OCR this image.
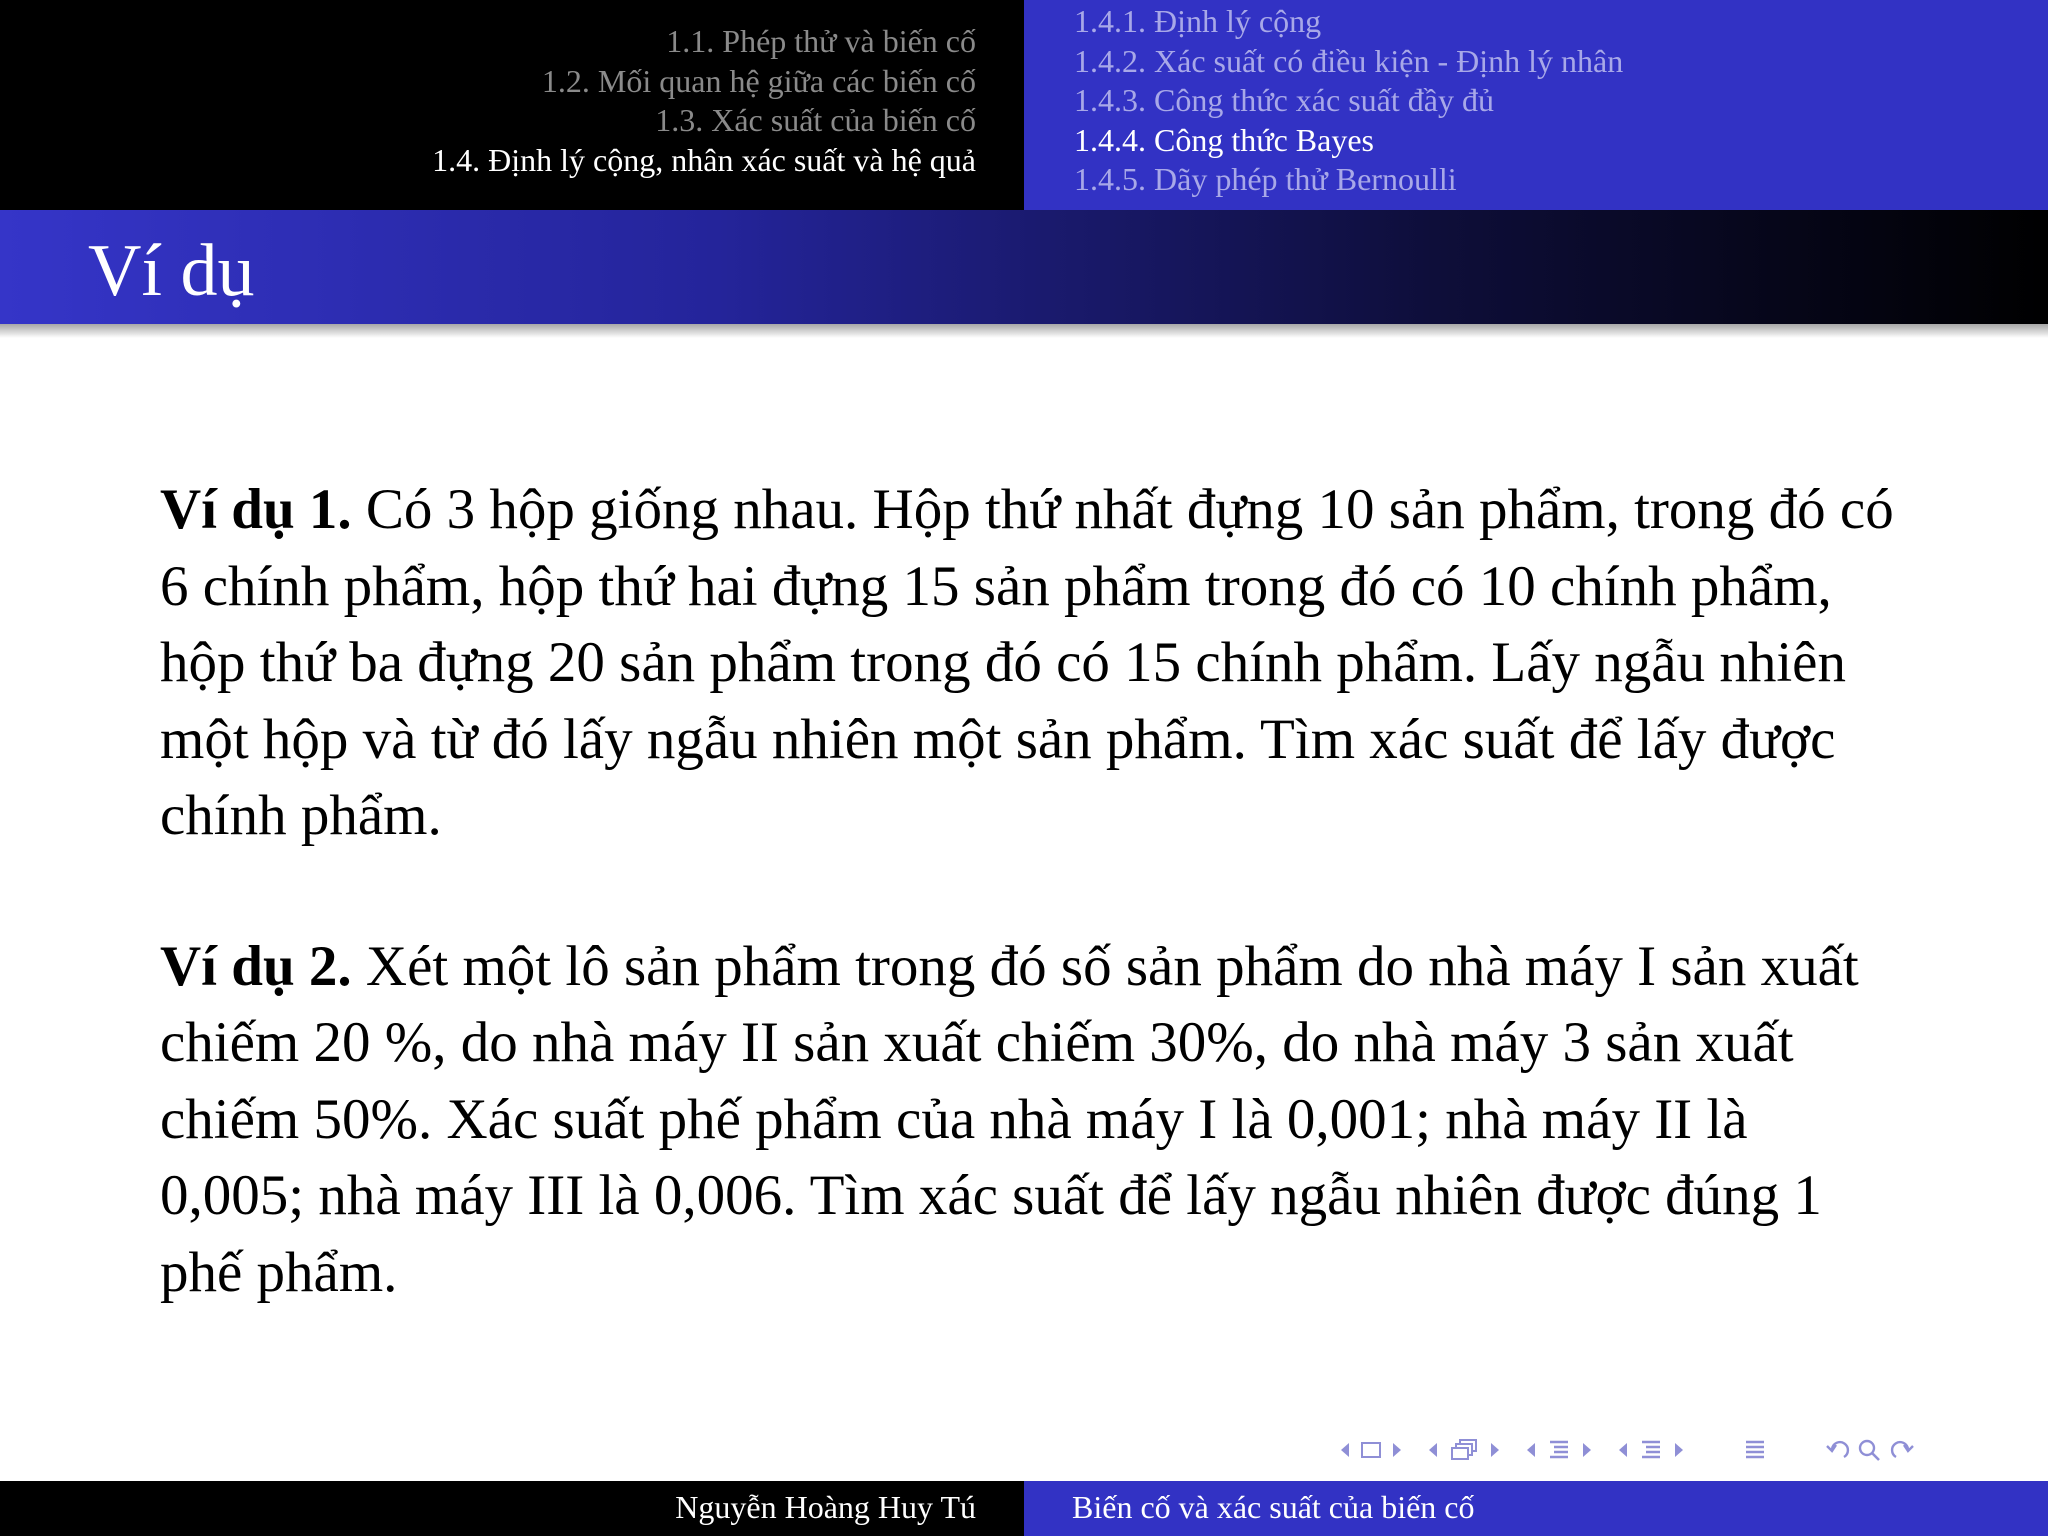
1.1. Phép thử và biến cố
1.2. Mối quan hệ giữa các biến cố
1.3. Xác suất của biến cố
1.4. Định lý cộng, nhân xác suất và hệ quả
1.4.1. Định lý cộng
1.4.2. Xác suất có điều kiện - Định lý nhân
1.4.3. Công thức xác suất đầy đủ
1.4.4. Công thức Bayes
1.4.5. Dãy phép thử Bernoulli
Ví dụ

Ví dụ 1. Có 3 hộp giống nhau. Hộp thứ nhất đựng 10 sản phẩm, trong đó có 6 chính phẩm, hộp thứ hai đựng 15 sản phẩm trong đó có 10 chính phẩm, hộp thứ ba đựng 20 sản phẩm trong đó có 15 chính phẩm. Lấy ngẫu nhiên một hộp và từ đó lấy ngẫu nhiên một sản phẩm. Tìm xác suất để lấy được chính phẩm.

Ví dụ 2. Xét một lô sản phẩm trong đó số sản phẩm do nhà máy I sản xuất chiếm 20 %, do nhà máy II sản xuất chiếm 30%, do nhà máy 3 sản xuất chiếm 50%. Xác suất phế phẩm của nhà máy I là 0,001; nhà máy II là 0,005; nhà máy III là 0,006. Tìm xác suất để lấy ngẫu nhiên được đúng 1 phế phẩm.

Nguyễn Hoàng Huy Tú	Biến cố và xác suất của biến cố
